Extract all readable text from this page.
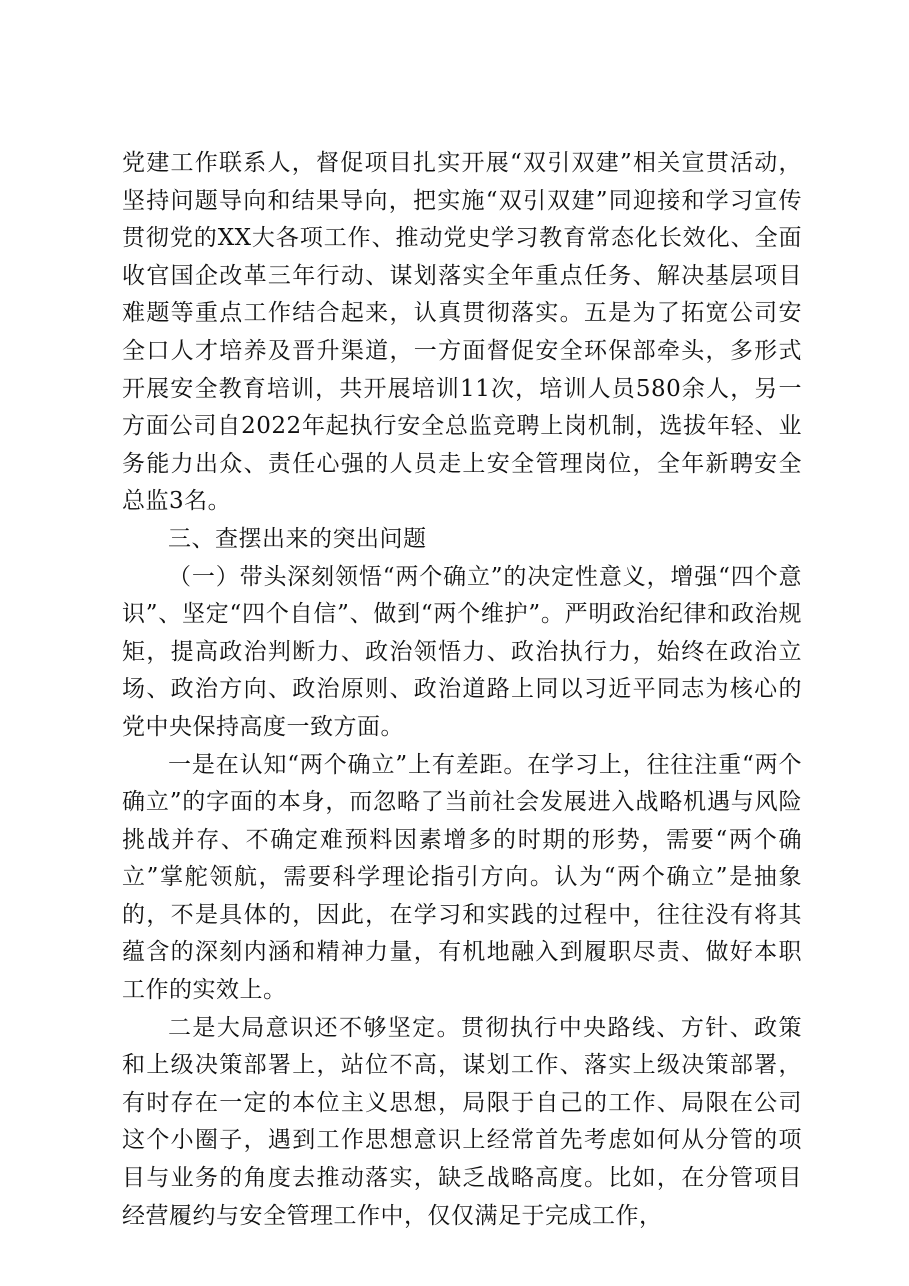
党建工作联系人，督促项目扎实开展“双引双建”相关宣贯活动，坚持问题导向和结果导向，把实施“双引双建”同迎接和学习宣传贯彻党的XX大各项工作、推动党史学习教育常态化长效化、全面收官国企改革三年行动、谋划落实全年重点任务、解决基层项目难题等重点工作结合起来，认真贯彻落实。五是为了拓宽公司安全口人才培养及晋升渠道，一方面督促安全环保部牵头，多形式开展安全教育培训，共开展培训11次，培训人员580余人，另一方面公司自2022年起执行安全总监竞聘上岗机制，选拔年轻、业务能力出众、责任心强的人员走上安全管理岗位，全年新聘安全总监3名。

三、查摆出来的突出问题

（一）带头深刻领悟“两个确立”的决定性意义，增强“四个意识”、坚定“四个自信”、做到“两个维护”。严明政治纪律和政治规矩，提高政治判断力、政治领悟力、政治执行力，始终在政治立场、政治方向、政治原则、政治道路上同以习近平同志为核心的党中央保持高度一致方面。

一是在认知“两个确立”上有差距。在学习上，往往注重“两个确立”的字面的本身，而忽略了当前社会发展进入战略机遇与风险挑战并存、不确定难预料因素增多的时期的形势，需要“两个确立”掌舵领航，需要科学理论指引方向。认为“两个确立”是抽象的，不是具体的，因此，在学习和实践的过程中，往往没有将其蕴含的深刻内涵和精神力量，有机地融入到履职尽责、做好本职工作的实效上。

二是大局意识还不够坚定。贯彻执行中央路线、方针、政策和上级决策部署上，站位不高，谋划工作、落实上级决策部署，有时存在一定的本位主义思想，局限于自己的工作、局限在公司这个小圈子，遇到工作思想意识上经常首先考虑如何从分管的项目与业务的角度去推动落实，缺乏战略高度。比如，在分管项目经营履约与安全管理工作中，仅仅满足于完成工作，
